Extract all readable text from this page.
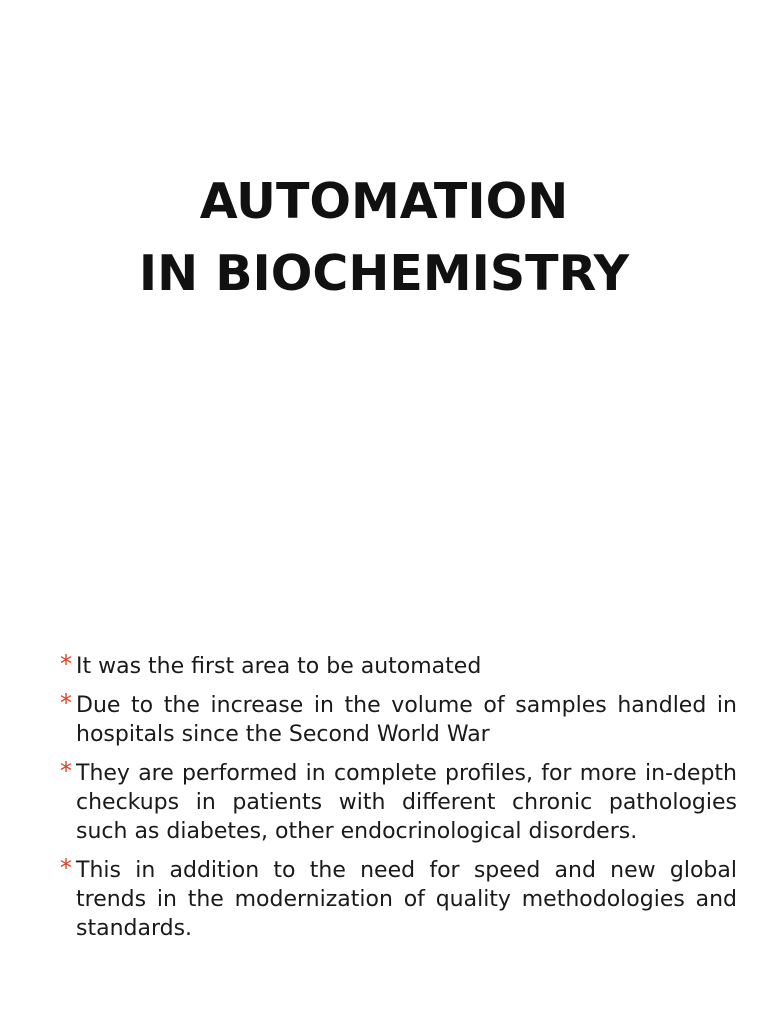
AUTOMATION
IN BIOCHEMISTRY
* It was the first area to be automated
* Due to the increase in the volume of samples handled in hospitals since the Second World War
* They are performed in complete profiles, for more in-depth checkups in patients with different chronic pathologies such as diabetes, other endocrinological disorders.
* This in addition to the need for speed and new global trends in the modernization of quality methodologies and standards.
